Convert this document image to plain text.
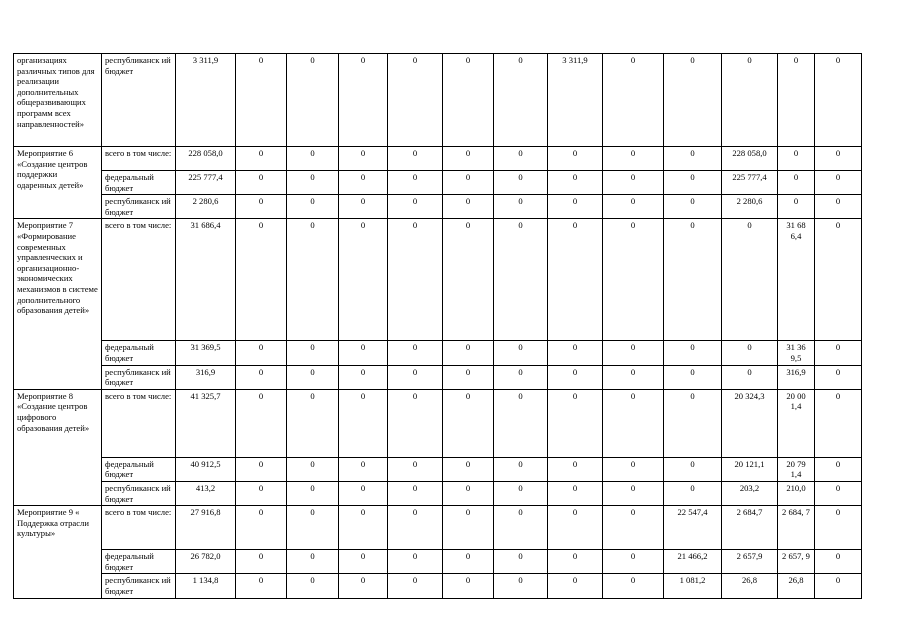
организациях различных типов для реализации дополнительных общеразвивающих программ всех направленностей»	республиканск ий бюджет	3 311,9	0	0	0	0	0	0	3 311,9	0	0	0	0	0
Мероприятие 6 «Создание центров поддержки одаренных детей»	всего в том числе:	228 058,0	0	0	0	0	0	0	0	0	0	228 058,0	0	0
	федеральный бюджет	225 777,4	0	0	0	0	0	0	0	0	0	225 777,4	0	0
	республиканск ий бюджет	2 280,6	0	0	0	0	0	0	0	0	0	2 280,6	0	0
Мероприятие 7 «Формирование современных управленческих и организационно-экономических механизмов в системе дополнительного образования детей»	всего в том числе:	31 686,4	0	0	0	0	0	0	0	0	0	0	31 68 6,4	0
	федеральный бюджет	31 369,5	0	0	0	0	0	0	0	0	0	0	31 36 9,5	0
	республиканск ий бюджет	316,9	0	0	0	0	0	0	0	0	0	0	316,9	0
Мероприятие 8 «Создание центров цифрового образования детей»	всего в том числе:	41 325,7	0	0	0	0	0	0	0	0	0	20 324,3	20 00 1,4	0
	федеральный бюджет	40 912,5	0	0	0	0	0	0	0	0	0	20 121,1	20 79 1,4	0
	республиканск ий бюджет	413,2	0	0	0	0	0	0	0	0	0	203,2	210,0	0
Мероприятие 9 « Поддержка отрасли культуры»	всего в том числе:	27 916,8	0	0	0	0	0	0	0	0	22 547,4	2 684,7	2 684, 7	0
	федеральный бюджет	26 782,0	0	0	0	0	0	0	0	0	21 466,2	2 657,9	2 657, 9	0
	республиканск ий бюджет	1 134,8	0	0	0	0	0	0	0	0	1 081,2	26,8	26,8	0
